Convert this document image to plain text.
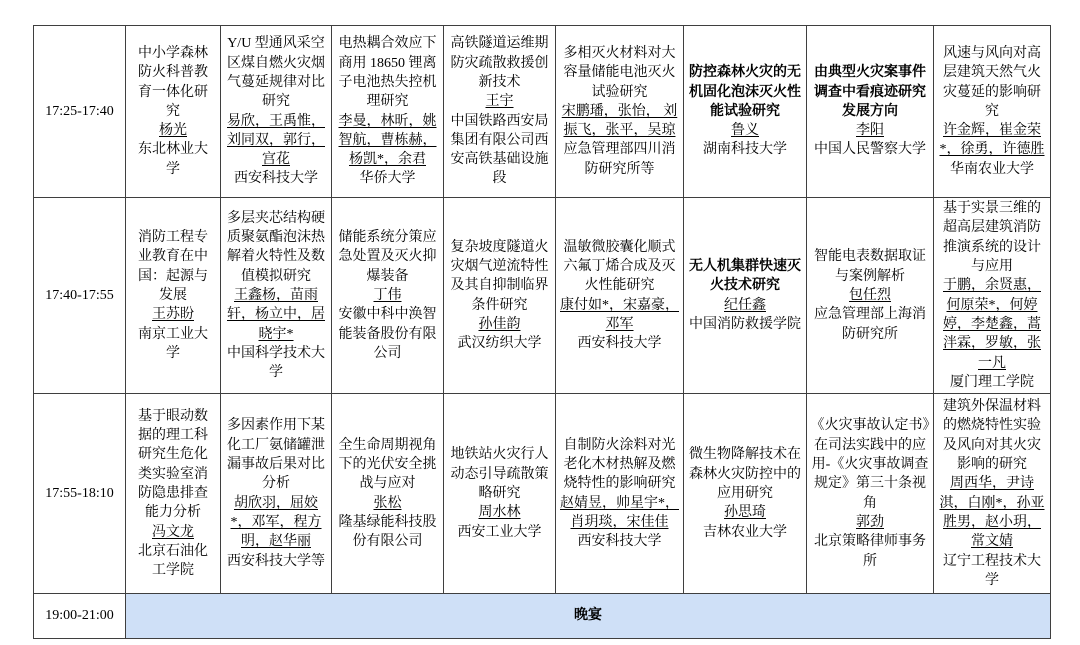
17:25-17:40	
中小学森林防火科普教育一体化研究
杨光
东北林业大学

Y/U 型通风采空区煤自燃火灾烟气蔓延规律对比研究
易欣，王禹惟，刘同双，郭行，宫花
西安科技大学

电热耦合效应下商用 18650 锂离子电池热失控机理研究
李曼，林昕，姚智航，曹栋赫，杨凯*，余君
华侨大学

高铁隧道运维期防灾疏散救援创新技术
王宇
中国铁路西安局集团有限公司西安高铁基础设施段

多相灭火材料对大容量储能电池灭火试验研究
宋鹏璠，张怡， 刘振飞，张平，吴琼
应急管理部四川消防研究所等

防控森林火灾的无机固化泡沫灭火性能试验研究
鲁义
湖南科技大学

由典型火灾案事件调查中看痕迹研究发展方向
李阳
中国人民警察大学

风速与风向对高层建筑天然气火灾蔓延的影响研究
许金辉，崔金荣*，徐勇，许德胜
华南农业大学

17:40-17:55	
消防工程专业教育在中国：起源与发展
王苏盼
南京工业大学

多层夹芯结构硬质聚氨酯泡沫热解着火特性及数值模拟研究
王鑫杨，苗雨轩，杨立中，居晓宇*
中国科学技术大学

储能系统分策应急处置及灭火抑爆装备
丁伟
安徽中科中涣智能装备股份有限公司

复杂坡度隧道火灾烟气逆流特性及其自抑制临界条件研究
孙佳韵
武汉纺织大学

温敏微胶囊化顺式六氟丁烯合成及灭火性能研究
康付如*，宋嘉豪，邓军
西安科技大学

无人机集群快速灭火技术研究
纪任鑫
中国消防救援学院

智能电表数据取证与案例解析
包任烈
应急管理部上海消防研究所

基于实景三维的超高层建筑消防推演系统的设计与应用
于鹏，余贤惠，何原荣*，何婷婷，李楚鑫，蒿泮霖，罗敏，张一凡
厦门理工学院

17:55-18:10	
基于眼动数据的理工科研究生危化类实验室消防隐患排查能力分析
冯文龙
北京石油化工学院

多因素作用下某化工厂氨储罐泄漏事故后果对比分析
胡欣羽，屈姣*，邓军，程方明，赵华丽
西安科技大学等

全生命周期视角下的光伏安全挑战与应对
张松
隆基绿能科技股份有限公司

地铁站火灾行人动态引导疏散策略研究
周水林
西安工业大学

自制防火涂料对光老化木材热解及燃烧特性的影响研究
赵婧昱，帅星宇*，肖玥琰，宋佳佳
西安科技大学

微生物降解技术在森林火灾防控中的应用研究
孙思琦
吉林农业大学

《火灾事故认定书》在司法实践中的应用-《火灾事故调查规定》第三十条视角
郭劲
北京策略律师事务所

建筑外保温材料的燃烧特性实验及风向对其火灾影响的研究
周西华，尹诗淇，白刚*，孙亚胜男，赵小玥，常文婧
辽宁工程技术大学

19:00-21:00	晚宴							
